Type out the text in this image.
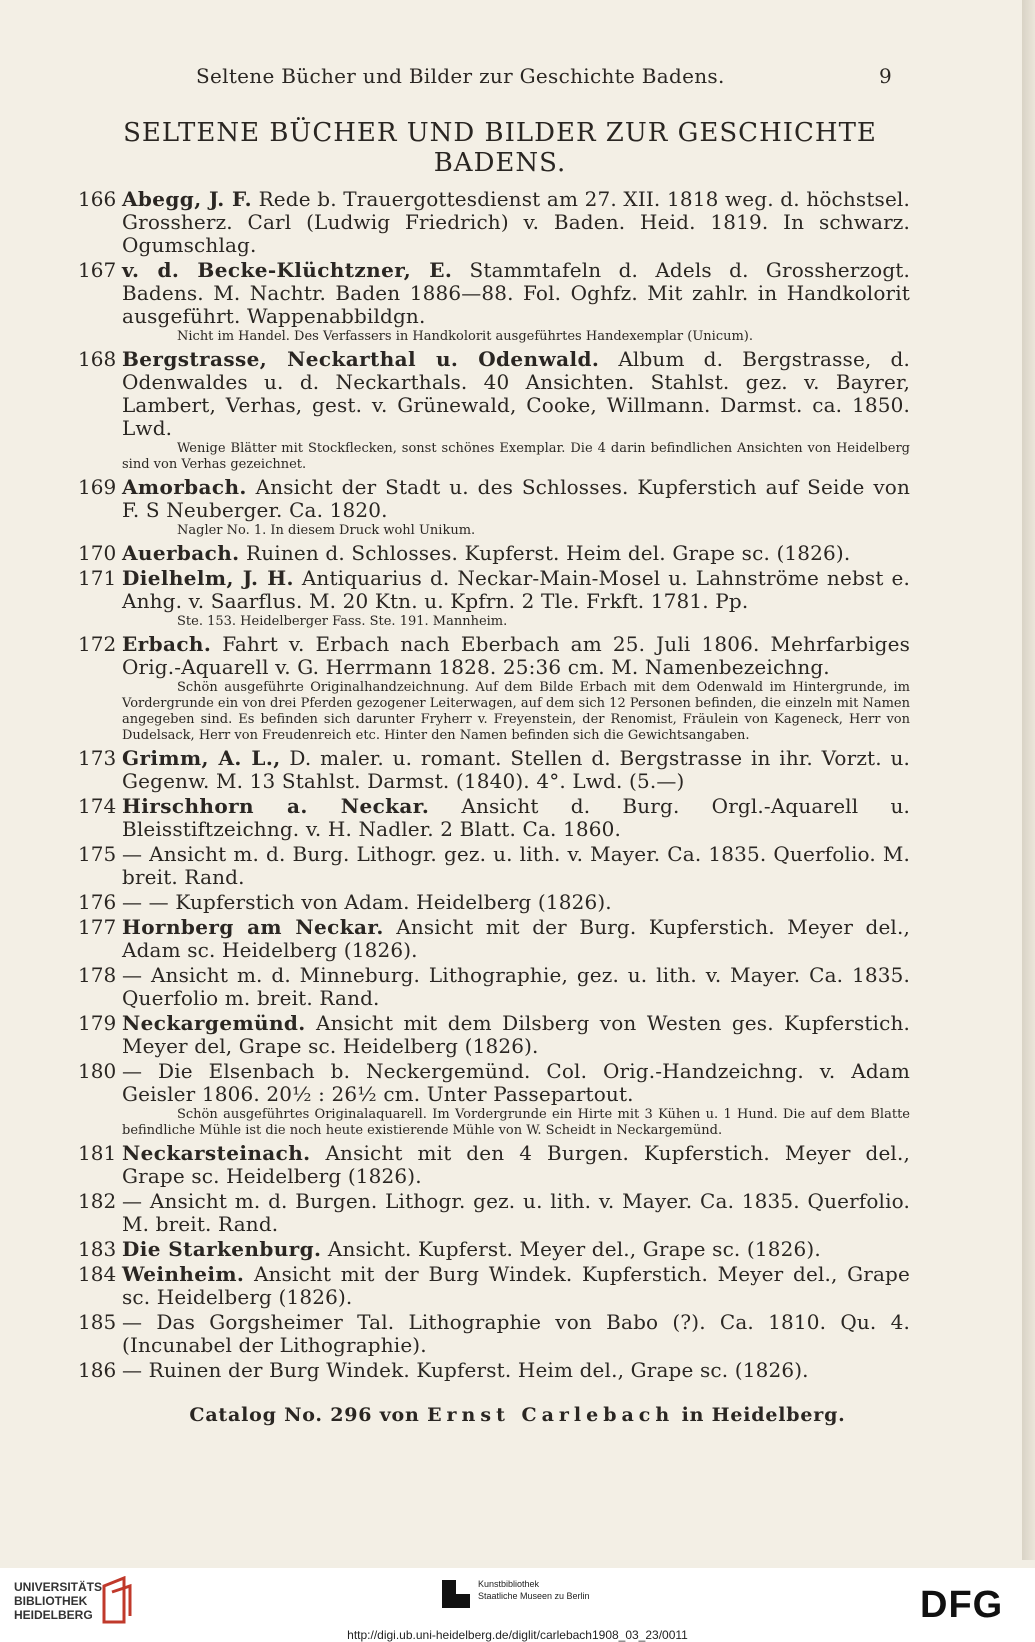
Seltene Bücher und Bilder zur Geschichte Badens.	9
SELTENE BÜCHER UND BILDER ZUR GESCHICHTE
BADENS.
166 Abegg, J. F. Rede b. Trauergottesdienst am 27. XII. 1818 weg. d. höchstsel. Grossherz. Carl (Ludwig Friedrich) v. Baden. Heid. 1819. In schwarz. Ogumschlag.
167 v. d. Becke-Klüchtzner, E. Stammtafeln d. Adels d. Grossherzogt. Badens. M. Nachtr. Baden 1886—88. Fol. Oghfz. Mit zahlr. in Handkolorit ausgeführt. Wappenabbildgn.
Nicht im Handel. Des Verfassers in Handkolorit ausgeführtes Handexemplar (Unicum).
168 Bergstrasse, Neckarthal u. Odenwald. Album d. Bergstrasse, d. Odenwaldes u. d. Neckarthals. 40 Ansichten. Stahlst. gez. v. Bayrer, Lambert, Verhas, gest. v. Grünewald, Cooke, Willmann. Darmst. ca. 1850. Lwd.
Wenige Blätter mit Stockflecken, sonst schönes Exemplar. Die 4 darin befindlichen Ansichten von Heidelberg sind von Verhas gezeichnet.
169 Amorbach. Ansicht der Stadt u. des Schlosses. Kupferstich auf Seide von F. S Neuberger. Ca. 1820.
Nagler No. 1. In diesem Druck wohl Unikum.
170 Auerbach. Ruinen d. Schlosses. Kupferst. Heim del. Grape sc. (1826).
171 Dielhelm, J. H. Antiquarius d. Neckar-Main-Mosel u. Lahnströme nebst e. Anhg. v. Saarflus. M. 20 Ktn. u. Kpfrn. 2 Tle. Frkft. 1781. Pp.
Ste. 153. Heidelberger Fass. Ste. 191. Mannheim.
172 Erbach. Fahrt v. Erbach nach Eberbach am 25. Juli 1806. Mehrfarbiges Orig.-Aquarell v. G. Herrmann 1828. 25:36 cm. M. Namenbezeichng.
Schön ausgeführte Originalhandzeichnung. Auf dem Bilde Erbach mit dem Odenwald im Hintergrunde, im Vordergrunde ein von drei Pferden gezogener Leiterwagen, auf dem sich 12 Personen befinden, die einzeln mit Namen angegeben sind. Es befinden sich darunter Fryherr v. Freyenstein, der Renomist, Fräulein von Kageneck, Herr von Dudelsack, Herr von Freudenreich etc. Hinter den Namen befinden sich die Gewichtsangaben.
173 Grimm, A. L., D. maler. u. romant. Stellen d. Bergstrasse in ihr. Vorzt. u. Gegenw. M. 13 Stahlst. Darmst. (1840). 4°. Lwd. (5.—)
174 Hirschhorn a. Neckar. Ansicht d. Burg. Orgl.-Aquarell u. Bleisstiftzeichng. v. H. Nadler. 2 Blatt. Ca. 1860.
175 — Ansicht m. d. Burg. Lithogr. gez. u. lith. v. Mayer. Ca. 1835. Querfolio. M. breit. Rand.
176 — — Kupferstich von Adam. Heidelberg (1826).
177 Hornberg am Neckar. Ansicht mit der Burg. Kupferstich. Meyer del., Adam sc. Heidelberg (1826).
178 — Ansicht m. d. Minneburg. Lithographie, gez. u. lith. v. Mayer. Ca. 1835. Querfolio m. breit. Rand.
179 Neckargemünd. Ansicht mit dem Dilsberg von Westen ges. Kupferstich. Meyer del, Grape sc. Heidelberg (1826).
180 — Die Elsenbach b. Neckergemünd. Col. Orig.-Handzeichng. v. Adam Geisler 1806. 20½ : 26½ cm. Unter Passepartout.
Schön ausgeführtes Originalaquarell. Im Vordergrunde ein Hirte mit 3 Kühen u. 1 Hund. Die auf dem Blatte befindliche Mühle ist die noch heute existierende Mühle von W. Scheidt in Neckargemünd.
181 Neckarsteinach. Ansicht mit den 4 Burgen. Kupferstich. Meyer del., Grape sc. Heidelberg (1826).
182 — Ansicht m. d. Burgen. Lithogr. gez. u. lith. v. Mayer. Ca. 1835. Querfolio. M. breit. Rand.
183 Die Starkenburg. Ansicht. Kupferst. Meyer del., Grape sc. (1826).
184 Weinheim. Ansicht mit der Burg Windek. Kupferstich. Meyer del., Grape sc. Heidelberg (1826).
185 — Das Gorgsheimer Tal. Lithographie von Babo (?). Ca. 1810. Qu. 4. (Incunabel der Lithographie).
186 — Ruinen der Burg Windek. Kupferst. Heim del., Grape sc. (1826).
Catalog No. 296 von Ernst Carlebach in Heidelberg.
UNIVERSITÄTS-
BIBLIOTHEK
HEIDELBERG
Kunstbibliothek
Staatliche Museen zu Berlin	DFG
http://digi.ub.uni-heidelberg.de/diglit/carlebach1908_03_23/0011
